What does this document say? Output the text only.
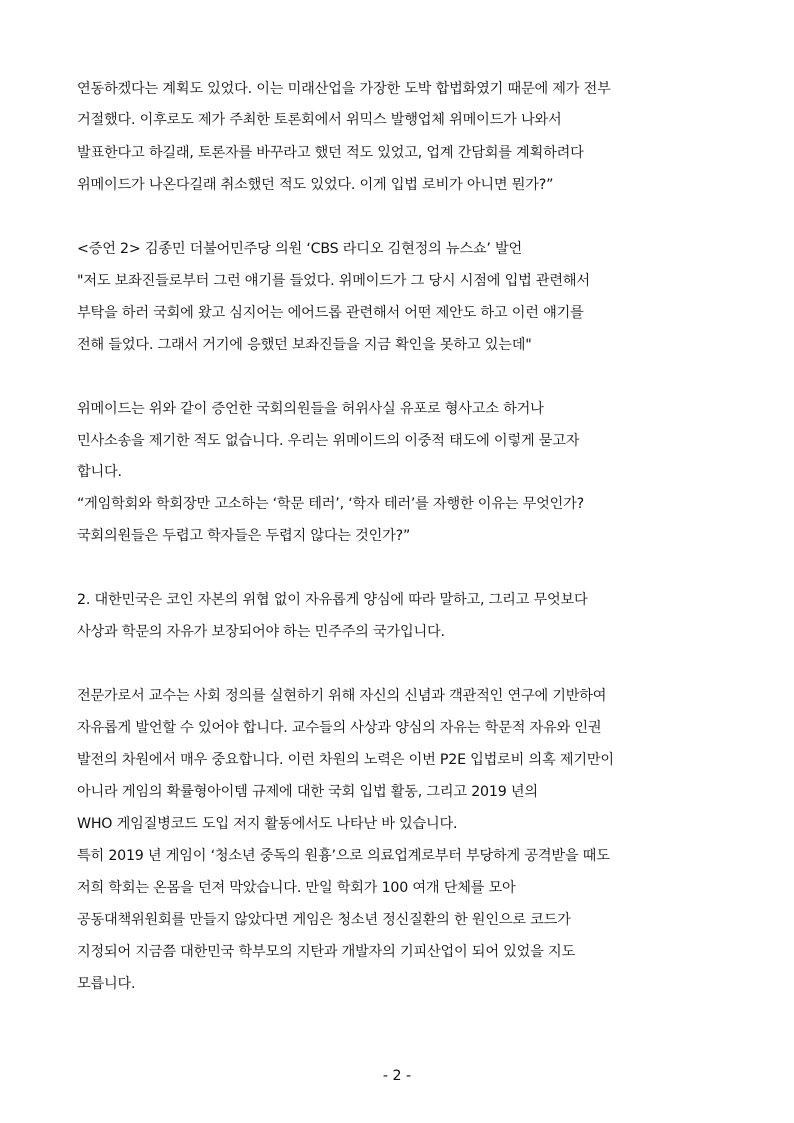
연동하겠다는 계획도 있었다. 이는 미래산업을 가장한 도박 합법화였기 때문에 제가 전부
거절했다. 이후로도 제가 주최한 토론회에서 위믹스 발행업체 위메이드가 나와서
발표한다고 하길래, 토론자를 바꾸라고 했던 적도 있었고, 업계 간담회를 계획하려다
위메이드가 나온다길래 취소했던 적도 있었다. 이게 입법 로비가 아니면 뭔가?”
<증언 2> 김종민 더불어민주당 의원 ‘CBS 라디오 김현정의 뉴스쇼’ 발언
"저도 보좌진들로부터 그런 얘기를 들었다. 위메이드가 그 당시 시점에 입법 관련해서
부탁을 하러 국회에 왔고 심지어는 에어드롭 관련해서 어떤 제안도 하고 이런 얘기를
전해 들었다. 그래서 거기에 응했던 보좌진들을 지금 확인을 못하고 있는데"
위메이드는 위와 같이 증언한 국회의원들을 허위사실 유포로 형사고소 하거나
민사소송을 제기한 적도 없습니다. 우리는 위메이드의 이중적 태도에 이렇게 묻고자
합니다.
“게임학회와 학회장만 고소하는 ‘학문 테러’, ‘학자 테러’를 자행한 이유는 무엇인가?
국회의원들은 두렵고 학자들은 두렵지 않다는 것인가?”
2. 대한민국은 코인 자본의 위협 없이 자유롭게 양심에 따라 말하고, 그리고 무엇보다
사상과 학문의 자유가 보장되어야 하는 민주주의 국가입니다.
전문가로서 교수는 사회 정의를 실현하기 위해 자신의 신념과 객관적인 연구에 기반하여
자유롭게 발언할 수 있어야 합니다. 교수들의 사상과 양심의 자유는 학문적 자유와 인권
발전의 차원에서 매우 중요합니다. 이런 차원의 노력은 이번 P2E 입법로비 의혹 제기만이
아니라 게임의 확률형아이템 규제에 대한 국회 입법 활동, 그리고 2019 년의
WHO 게임질병코드 도입 저지 활동에서도 나타난 바 있습니다.
특히 2019 년 게임이 ‘청소년 중독의 원흉’으로 의료업계로부터 부당하게 공격받을 때도
저희 학회는 온몸을 던져 막았습니다. 만일 학회가 100 여개 단체를 모아
공동대책위원회를 만들지 않았다면 게임은 청소년 정신질환의 한 원인으로 코드가
지정되어 지금쯤 대한민국 학부모의 지탄과 개발자의 기피산업이 되어 있었을 지도
모릅니다.
- 2 -
